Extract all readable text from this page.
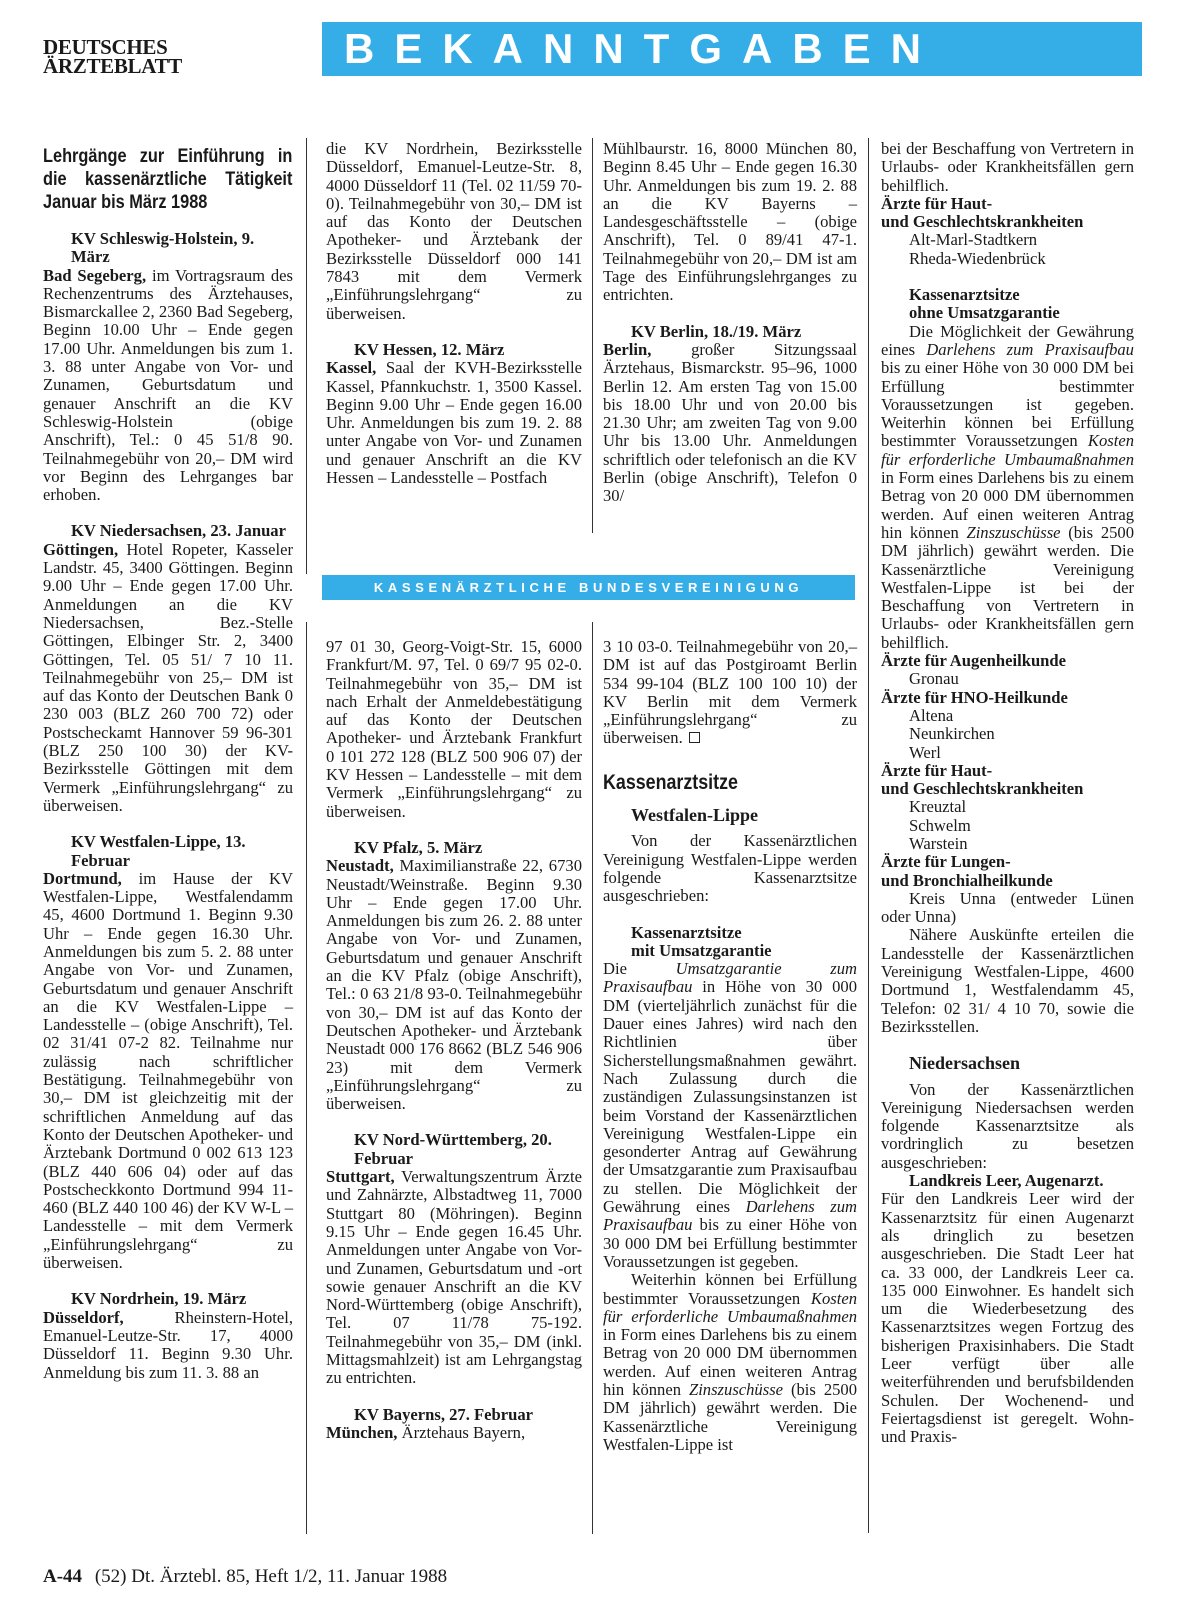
DEUTSCHES
ÄRZTEBLATT	BEKANNTGABEN
Lehrgänge zur Einführung in die kassenärztliche Tätigkeit Januar bis März 1988

KV Schleswig-Holstein, 9. März

Bad Segeberg, im Vortragsraum des Rechenzentrums des Ärztehauses, Bismarckallee 2, 2360 Bad Segeberg, Beginn 10.00 Uhr – Ende gegen 17.00 Uhr. Anmeldungen bis zum 1. 3. 88 unter Angabe von Vor- und Zunamen, Geburtsdatum und genauer Anschrift an die KV Schleswig-Holstein (obige Anschrift), Tel.: 0 45 51/8 90. Teilnahmegebühr von 20,– DM wird vor Beginn des Lehrganges bar erhoben.

KV Niedersachsen, 23. Januar

Göttingen, Hotel Ropeter, Kasseler Landstr. 45, 3400 Göttingen. Beginn 9.00 Uhr – Ende gegen 17.00 Uhr. Anmeldungen an die KV Niedersachsen, Bez.-Stelle Göttingen, Elbinger Str. 2, 3400 Göttingen, Tel. 05 51/ 7 10 11. Teilnahmegebühr von 25,– DM ist auf das Konto der Deutschen Bank 0 230 003 (BLZ 260 700 72) oder Postscheckamt Hannover 59 96-301 (BLZ 250 100 30) der KV-Bezirksstelle Göttingen mit dem Vermerk „Einführungslehrgang“ zu überweisen.

KV Westfalen-Lippe, 13. Februar

Dortmund, im Hause der KV Westfalen-Lippe, Westfalendamm 45, 4600 Dortmund 1. Beginn 9.30 Uhr – Ende gegen 16.30 Uhr. Anmeldungen bis zum 5. 2. 88 unter Angabe von Vor- und Zunamen, Geburtsdatum und genauer Anschrift an die KV Westfalen-Lippe – Landesstelle – (obige Anschrift), Tel. 02 31/41 07-2 82. Teilnahme nur zulässig nach schriftlicher Bestätigung. Teilnahmegebühr von 30,– DM ist gleichzeitig mit der schriftlichen Anmeldung auf das Konto der Deutschen Apotheker- und Ärztebank Dortmund 0 002 613 123 (BLZ 440 606 04) oder auf das Postscheckkonto Dortmund 994 11-460 (BLZ 440 100 46) der KV W-L – Landesstelle – mit dem Vermerk „Einführungslehrgang“ zu überweisen.

KV Nordrhein, 19. März

Düsseldorf, Rheinstern-Hotel, Emanuel-Leutze-Str. 17, 4000 Düsseldorf 11. Beginn 9.30 Uhr. Anmeldung bis zum 11. 3. 88 an

die KV Nordrhein, Bezirksstelle Düsseldorf, Emanuel-Leutze-Str. 8, 4000 Düsseldorf 11 (Tel. 02 11/59 70-0). Teilnahmegebühr von 30,– DM ist auf das Konto der Deutschen Apotheker- und Ärztebank der Bezirksstelle Düsseldorf 000 141 7843 mit dem Vermerk „Einführungslehrgang“ zu überweisen.

KV Hessen, 12. März

Kassel, Saal der KVH-Bezirksstelle Kassel, Pfannkuchstr. 1, 3500 Kassel. Beginn 9.00 Uhr – Ende gegen 16.00 Uhr. Anmeldungen bis zum 19. 2. 88 unter Angabe von Vor- und Zunamen und genauer Anschrift an die KV Hessen – Landesstelle – Postfach

Mühlbaurstr. 16, 8000 München 80, Beginn 8.45 Uhr – Ende gegen 16.30 Uhr. Anmeldungen bis zum 19. 2. 88 an die KV Bayerns – Landesgeschäftsstelle – (obige Anschrift), Tel. 0 89/41 47-1. Teilnahmegebühr von 20,– DM ist am Tage des Einführungslehrganges zu entrichten.

KV Berlin, 18./19. März

Berlin, großer Sitzungssaal Ärztehaus, Bismarckstr. 95–96, 1000 Berlin 12. Am ersten Tag von 15.00 bis 18.00 Uhr und von 20.00 bis 21.30 Uhr; am zweiten Tag von 9.00 Uhr bis 13.00 Uhr. Anmeldungen schriftlich oder telefonisch an die KV Berlin (obige Anschrift), Telefon 0 30/

KASSENÄRZTLICHE BUNDESVEREINIGUNG

97 01 30, Georg-Voigt-Str. 15, 6000 Frankfurt/M. 97, Tel. 0 69/7 95 02-0. Teilnahmegebühr von 35,– DM ist nach Erhalt der Anmeldebestätigung auf das Konto der Deutschen Apotheker- und Ärztebank Frankfurt 0 101 272 128 (BLZ 500 906 07) der KV Hessen – Landesstelle – mit dem Vermerk „Einführungslehrgang“ zu überweisen.

KV Pfalz, 5. März

Neustadt, Maximilianstraße 22, 6730 Neustadt/Weinstraße. Beginn 9.30 Uhr – Ende gegen 17.00 Uhr. Anmeldungen bis zum 26. 2. 88 unter Angabe von Vor- und Zunamen, Geburtsdatum und genauer Anschrift an die KV Pfalz (obige Anschrift), Tel.: 0 63 21/8 93-0. Teilnahmegebühr von 30,– DM ist auf das Konto der Deutschen Apotheker- und Ärztebank Neustadt 000 176 8662 (BLZ 546 906 23) mit dem Vermerk „Einführungslehrgang“ zu überweisen.

KV Nord-Württemberg, 20. Februar

Stuttgart, Verwaltungszentrum Ärzte und Zahnärzte, Albstadtweg 11, 7000 Stuttgart 80 (Möhringen). Beginn 9.15 Uhr – Ende gegen 16.45 Uhr. Anmeldungen unter Angabe von Vor- und Zunamen, Geburtsdatum und -ort sowie genauer Anschrift an die KV Nord-Württemberg (obige Anschrift), Tel. 07 11/78 75-192. Teilnahmegebühr von 35,– DM (inkl. Mittagsmahlzeit) ist am Lehrgangstag zu entrichten.

KV Bayerns, 27. Februar

München, Ärztehaus Bayern,

3 10 03-0. Teilnahmegebühr von 20,– DM ist auf das Postgiroamt Berlin 534 99-104 (BLZ 100 100 10) der KV Berlin mit dem Vermerk „Einführungslehrgang“ zu überweisen.

Kassenarztsitze

Westfalen-Lippe

Von der Kassenärztlichen Vereinigung Westfalen-Lippe werden folgende Kassenarztsitze ausgeschrieben:

Kassenarztsitze

mit Umsatzgarantie

Die Umsatzgarantie zum Praxisaufbau in Höhe von 30 000 DM (vierteljährlich zunächst für die Dauer eines Jahres) wird nach den Richtlinien über Sicherstellungsmaßnahmen gewährt. Nach Zulassung durch die zuständigen Zulassungsinstanzen ist beim Vorstand der Kassenärztlichen Vereinigung Westfalen-Lippe ein gesonderter Antrag auf Gewährung der Umsatzgarantie zum Praxisaufbau zu stellen. Die Möglichkeit der Gewährung eines Darlehens zum Praxisaufbau bis zu einer Höhe von 30 000 DM bei Erfüllung bestimmter Voraussetzungen ist gegeben.

Weiterhin können bei Erfüllung bestimmter Voraussetzungen Kosten für erforderliche Umbaumaßnahmen in Form eines Darlehens bis zu einem Betrag von 20 000 DM übernommen werden. Auf einen weiteren Antrag hin können Zinszuschüsse (bis 2500 DM jährlich) gewährt werden. Die Kassenärztliche Vereinigung Westfalen-Lippe ist

bei der Beschaffung von Vertretern in Urlaubs- oder Krankheitsfällen gern behilflich.

Ärzte für Haut-

und Geschlechtskrankheiten

Alt-Marl-Stadtkern

Rheda-Wiedenbrück

Kassenarztsitze

ohne Umsatzgarantie

Die Möglichkeit der Gewährung eines Darlehens zum Praxisaufbau bis zu einer Höhe von 30 000 DM bei Erfüllung bestimmter Voraussetzungen ist gegeben. Weiterhin können bei Erfüllung bestimmter Voraussetzungen Kosten für erforderliche Umbaumaßnahmen in Form eines Darlehens bis zu einem Betrag von 20 000 DM übernommen werden. Auf einen weiteren Antrag hin können Zinszuschüsse (bis 2500 DM jährlich) gewährt werden. Die Kassenärztliche Vereinigung Westfalen-Lippe ist bei der Beschaffung von Vertretern in Urlaubs- oder Krankheitsfällen gern behilflich.

Ärzte für Augenheilkunde

Gronau

Ärzte für HNO-Heilkunde

Altena

Neunkirchen

Werl

Ärzte für Haut-

und Geschlechtskrankheiten

Kreuztal

Schwelm

Warstein

Ärzte für Lungen-

und Bronchialheilkunde

Kreis Unna (entweder Lünen oder Unna)

Nähere Auskünfte erteilen die Landesstelle der Kassenärztlichen Vereinigung Westfalen-Lippe, 4600 Dortmund 1, Westfalendamm 45, Telefon: 02 31/ 4 10 70, sowie die Bezirksstellen.

Niedersachsen

Von der Kassenärztlichen Vereinigung Niedersachsen werden folgende Kassenarztsitze als vordringlich zu besetzen ausgeschrieben:

Landkreis Leer, Augenarzt.

Für den Landkreis Leer wird der Kassenarztsitz für einen Augenarzt als dringlich zu besetzen ausgeschrieben. Die Stadt Leer hat ca. 33 000, der Landkreis Leer ca. 135 000 Einwohner. Es handelt sich um die Wiederbesetzung des Kassenarztsitzes wegen Fortzug des bisherigen Praxisinhabers. Die Stadt Leer verfügt über alle weiterführenden und berufsbildenden Schulen. Der Wochenend- und Feiertagsdienst ist geregelt. Wohn- und Praxis-

A-44 (52) Dt. Ärztebl. 85, Heft 1/2, 11. Januar 1988
